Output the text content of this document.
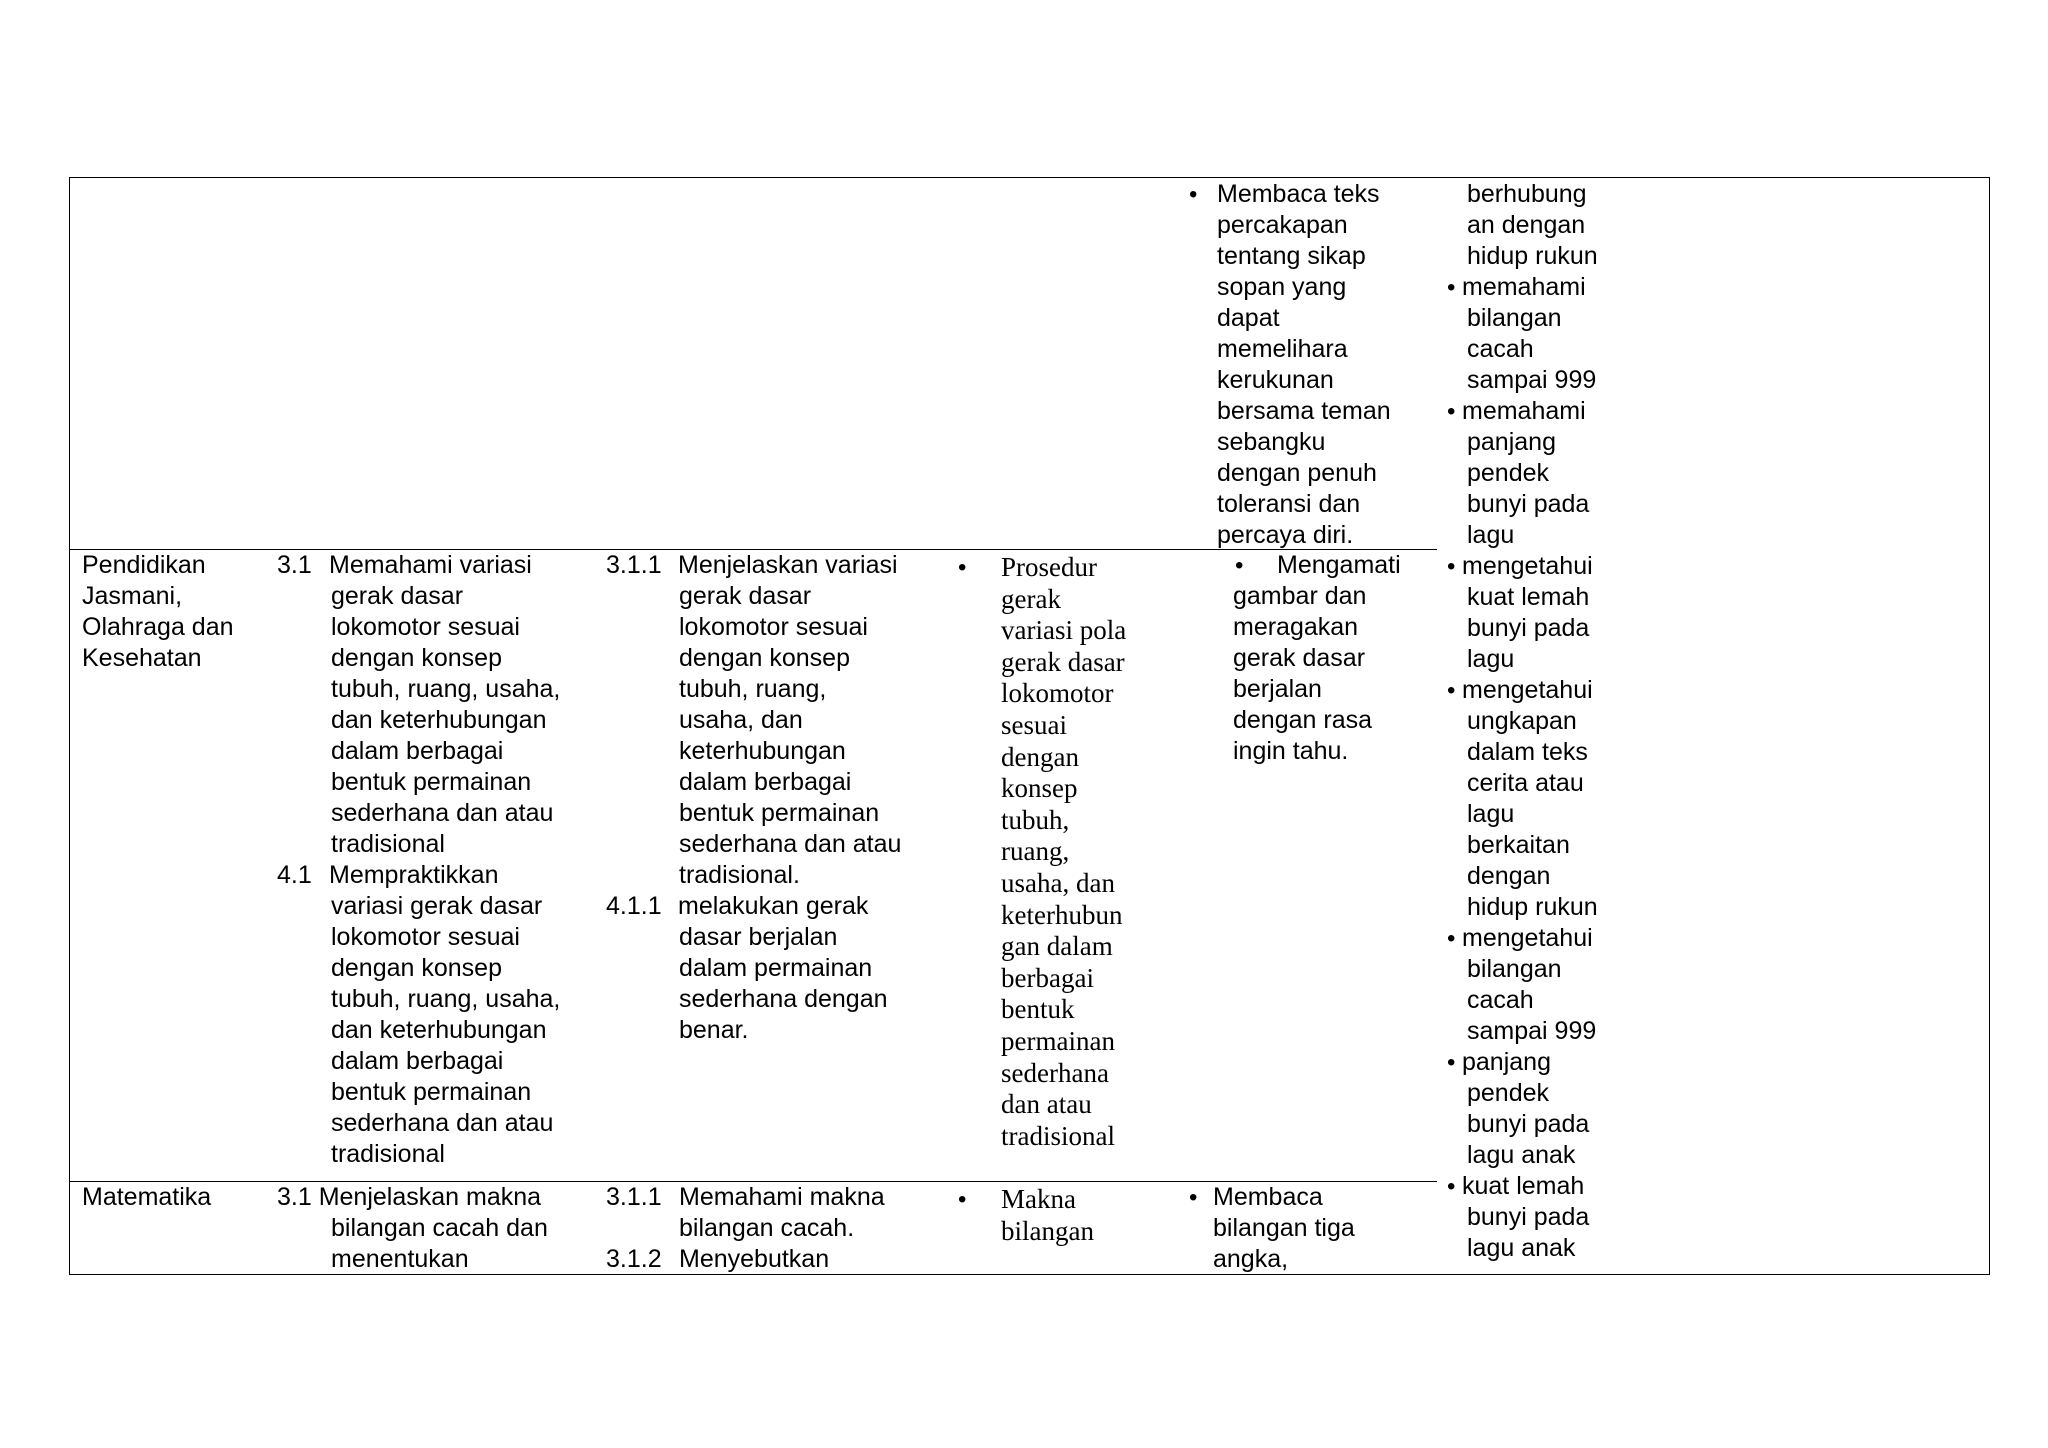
• Membaca teks
percakapan
tentang sikap
sopan yang
dapat
memelihara
kerukunan
bersama teman
sebangku
dengan penuh
toleransi dan
percaya diri.
Pendidikan
Jasmani,
Olahraga dan
Kesehatan
3.1 Memahami variasi
gerak dasar
lokomotor sesuai
dengan konsep
tubuh, ruang, usaha,
dan keterhubungan
dalam berbagai
bentuk permainan
sederhana dan atau
tradisional
4.1 Mempraktikkan
variasi gerak dasar
lokomotor sesuai
dengan konsep
tubuh, ruang, usaha,
dan keterhubungan
dalam berbagai
bentuk permainan
sederhana dan atau
tradisional
3.1.1 Menjelaskan variasi
gerak dasar
lokomotor sesuai
dengan konsep
tubuh, ruang,
usaha, dan
keterhubungan
dalam berbagai
bentuk permainan
sederhana dan atau
tradisional.
4.1.1 melakukan gerak
dasar berjalan
dalam permainan
sederhana dengan
benar.
• Prosedur
gerak
variasi pola
gerak dasar
lokomotor
sesuai
dengan
konsep
tubuh,
ruang,
usaha, dan
keterhubun
gan dalam
berbagai
bentuk
permainan
sederhana
dan atau
tradisional
• Mengamati
gambar dan
meragakan
gerak dasar
berjalan
dengan rasa
ingin tahu.
Matematika	3.1 Menjelaskan makna
bilangan cacah dan
menentukan
3.1.1 Memahami makna
bilangan cacah.
3.1.2 Menyebutkan
• Makna
bilangan
• Membaca
bilangan tiga
angka,
berhubung
an dengan
hidup rukun
• memahami
bilangan
cacah
sampai 999
• memahami
panjang
pendek
bunyi pada
lagu
• mengetahui
kuat lemah
bunyi pada
lagu
• mengetahui
ungkapan
dalam teks
cerita atau
lagu
berkaitan
dengan
hidup rukun
• mengetahui
bilangan
cacah
sampai 999
• panjang
pendek
bunyi pada
lagu anak
• kuat lemah
bunyi pada
lagu anak
